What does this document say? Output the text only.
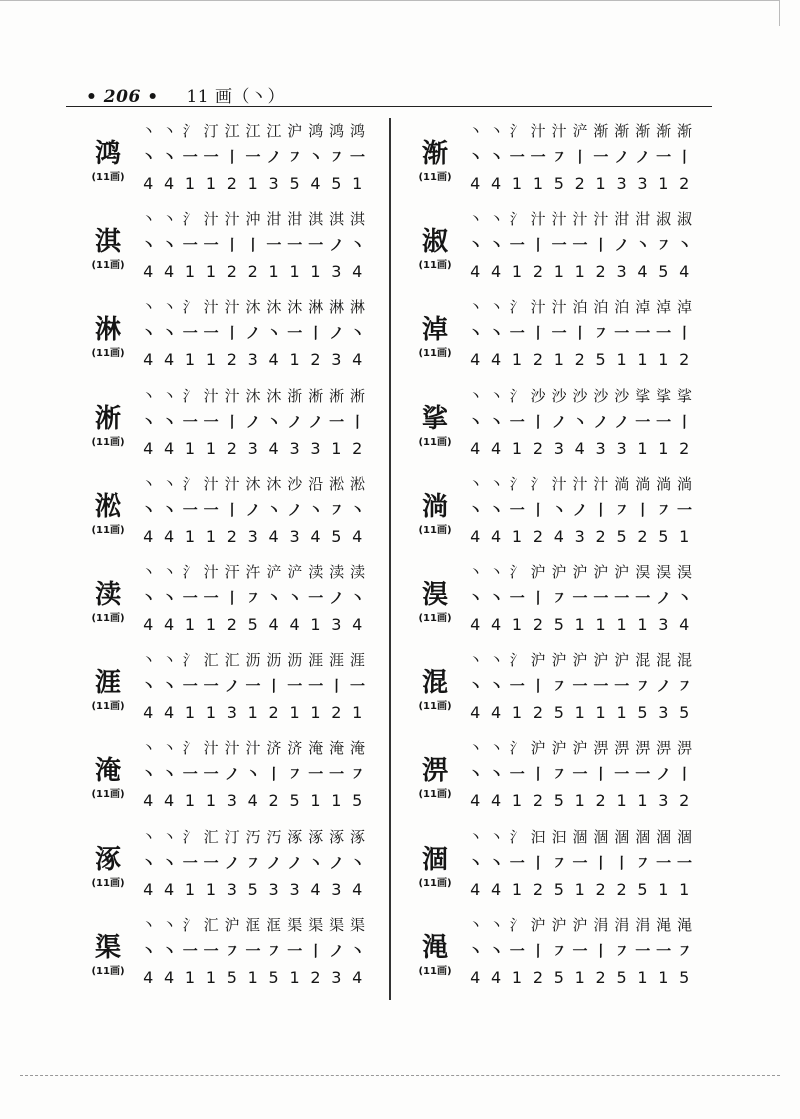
• 206 • 11 画（丶）
鸿
(11画)
丶 丶 氵 汀 江 江 江 沪 鸿 鸿 鸿
丶 丶 一 一 丨 一 ノ ㇇ 丶 ㇇ 一
4 4 1 1 2 1 3 5 4 5 1
淇
(11画)
丶 丶 氵 汁 汁 沖 泔 泔 淇 淇 淇
丶 丶 一 一 丨 丨 一 一 一 ノ 丶
4 4 1 1 2 2 1 1 1 3 4
淋
(11画)
丶 丶 氵 汁 汁 沐 沐 沐 淋 淋 淋
丶 丶 一 一 丨 ノ 丶 一 丨 ノ 丶
4 4 1 1 2 3 4 1 2 3 4
淅
(11画)
丶 丶 氵 汁 汁 沐 沐 浙 淅 淅 淅
丶 丶 一 一 丨 ノ 丶 ノ ノ 一 丨
4 4 1 1 2 3 4 3 3 1 2
淞
(11画)
丶 丶 氵 汁 汁 沐 沐 沙 沿 淞 淞
丶 丶 一 一 丨 ノ 丶 ノ 丶 ㇇ 丶
4 4 1 1 2 3 4 3 4 5 4
渎
(11画)
丶 丶 氵 汁 汗 汻 浐 浐 渎 渎 渎
丶 丶 一 一 丨 ㇇ 丶 丶 一 ノ 丶
4 4 1 1 2 5 4 4 1 3 4
涯
(11画)
丶 丶 氵 汇 汇 沥 沥 沥 涯 涯 涯
丶 丶 一 一 ノ 一 丨 一 一 丨 一
4 4 1 1 3 1 2 1 1 2 1
淹
(11画)
丶 丶 氵 汁 汁 汁 济 济 淹 淹 淹
丶 丶 一 一 ノ 丶 丨 ㇇ 一 一 ㇇
4 4 1 1 3 4 2 5 1 1 5
涿
(11画)
丶 丶 氵 汇 汀 汅 汅 涿 涿 涿 涿
丶 丶 一 一 ノ ㇇ ノ ノ 丶 ノ 丶
4 4 1 1 3 5 3 3 4 3 4
渠
(11画)
丶 丶 氵 汇 沪 洭 洭 渠 渠 渠 渠
丶 丶 一 一 ㇇ 一 ㇇ 一 丨 ノ 丶
4 4 1 1 5 1 5 1 2 3 4
渐
(11画)
丶 丶 氵 汁 汁 浐 渐 渐 渐 渐 渐
丶 丶 一 一 ㇇ 丨 一 ノ ノ 一 丨
4 4 1 1 5 2 1 3 3 1 2
淑
(11画)
丶 丶 氵 汁 汁 汁 汁 泔 泔 淑 淑
丶 丶 一 丨 一 一 丨 ノ 丶 ㇇ 丶
4 4 1 2 1 1 2 3 4 5 4
淖
(11画)
丶 丶 氵 汁 汁 泊 泊 泊 淖 淖 淖
丶 丶 一 丨 一 丨 ㇇ 一 一 一 丨
4 4 1 2 1 2 5 1 1 1 2
挲
(11画)
丶 丶 氵 沙 沙 沙 沙 沙 挲 挲 挲
丶 丶 一 丨 ノ 丶 ノ ノ 一 一 丨
4 4 1 2 3 4 3 3 1 1 2
淌
(11画)
丶 丶 氵 氵 汁 汁 汁 淌 淌 淌 淌
丶 丶 一 丨 丶 ノ 丨 ㇇ 丨 ㇇ 一
4 4 1 2 4 3 2 5 2 5 1
淏
(11画)
丶 丶 氵 沪 沪 沪 沪 沪 淏 淏 淏
丶 丶 一 丨 ㇇ 一 一 一 一 ノ 丶
4 4 1 2 5 1 1 1 1 3 4
混
(11画)
丶 丶 氵 沪 沪 沪 沪 沪 混 混 混
丶 丶 一 丨 ㇇ 一 一 一 ㇇ ノ ㇇
4 4 1 2 5 1 1 1 5 3 5
淠
(11画)
丶 丶 氵 沪 沪 沪 淠 淠 淠 淠 淠
丶 丶 一 丨 ㇇ 一 丨 一 一 ノ 丨
4 4 1 2 5 1 2 1 1 3 2
涸
(11画)
丶 丶 氵 汩 汩 涸 涸 涸 涸 涸 涸
丶 丶 一 丨 ㇇ 一 丨 丨 ㇇ 一 一
4 4 1 2 5 1 2 2 5 1 1
渑
(11画)
丶 丶 氵 沪 沪 沪 涓 涓 涓 渑 渑
丶 丶 一 丨 ㇇ 一 丨 ㇇ 一 一 ㇇
4 4 1 2 5 1 2 5 1 1 5
